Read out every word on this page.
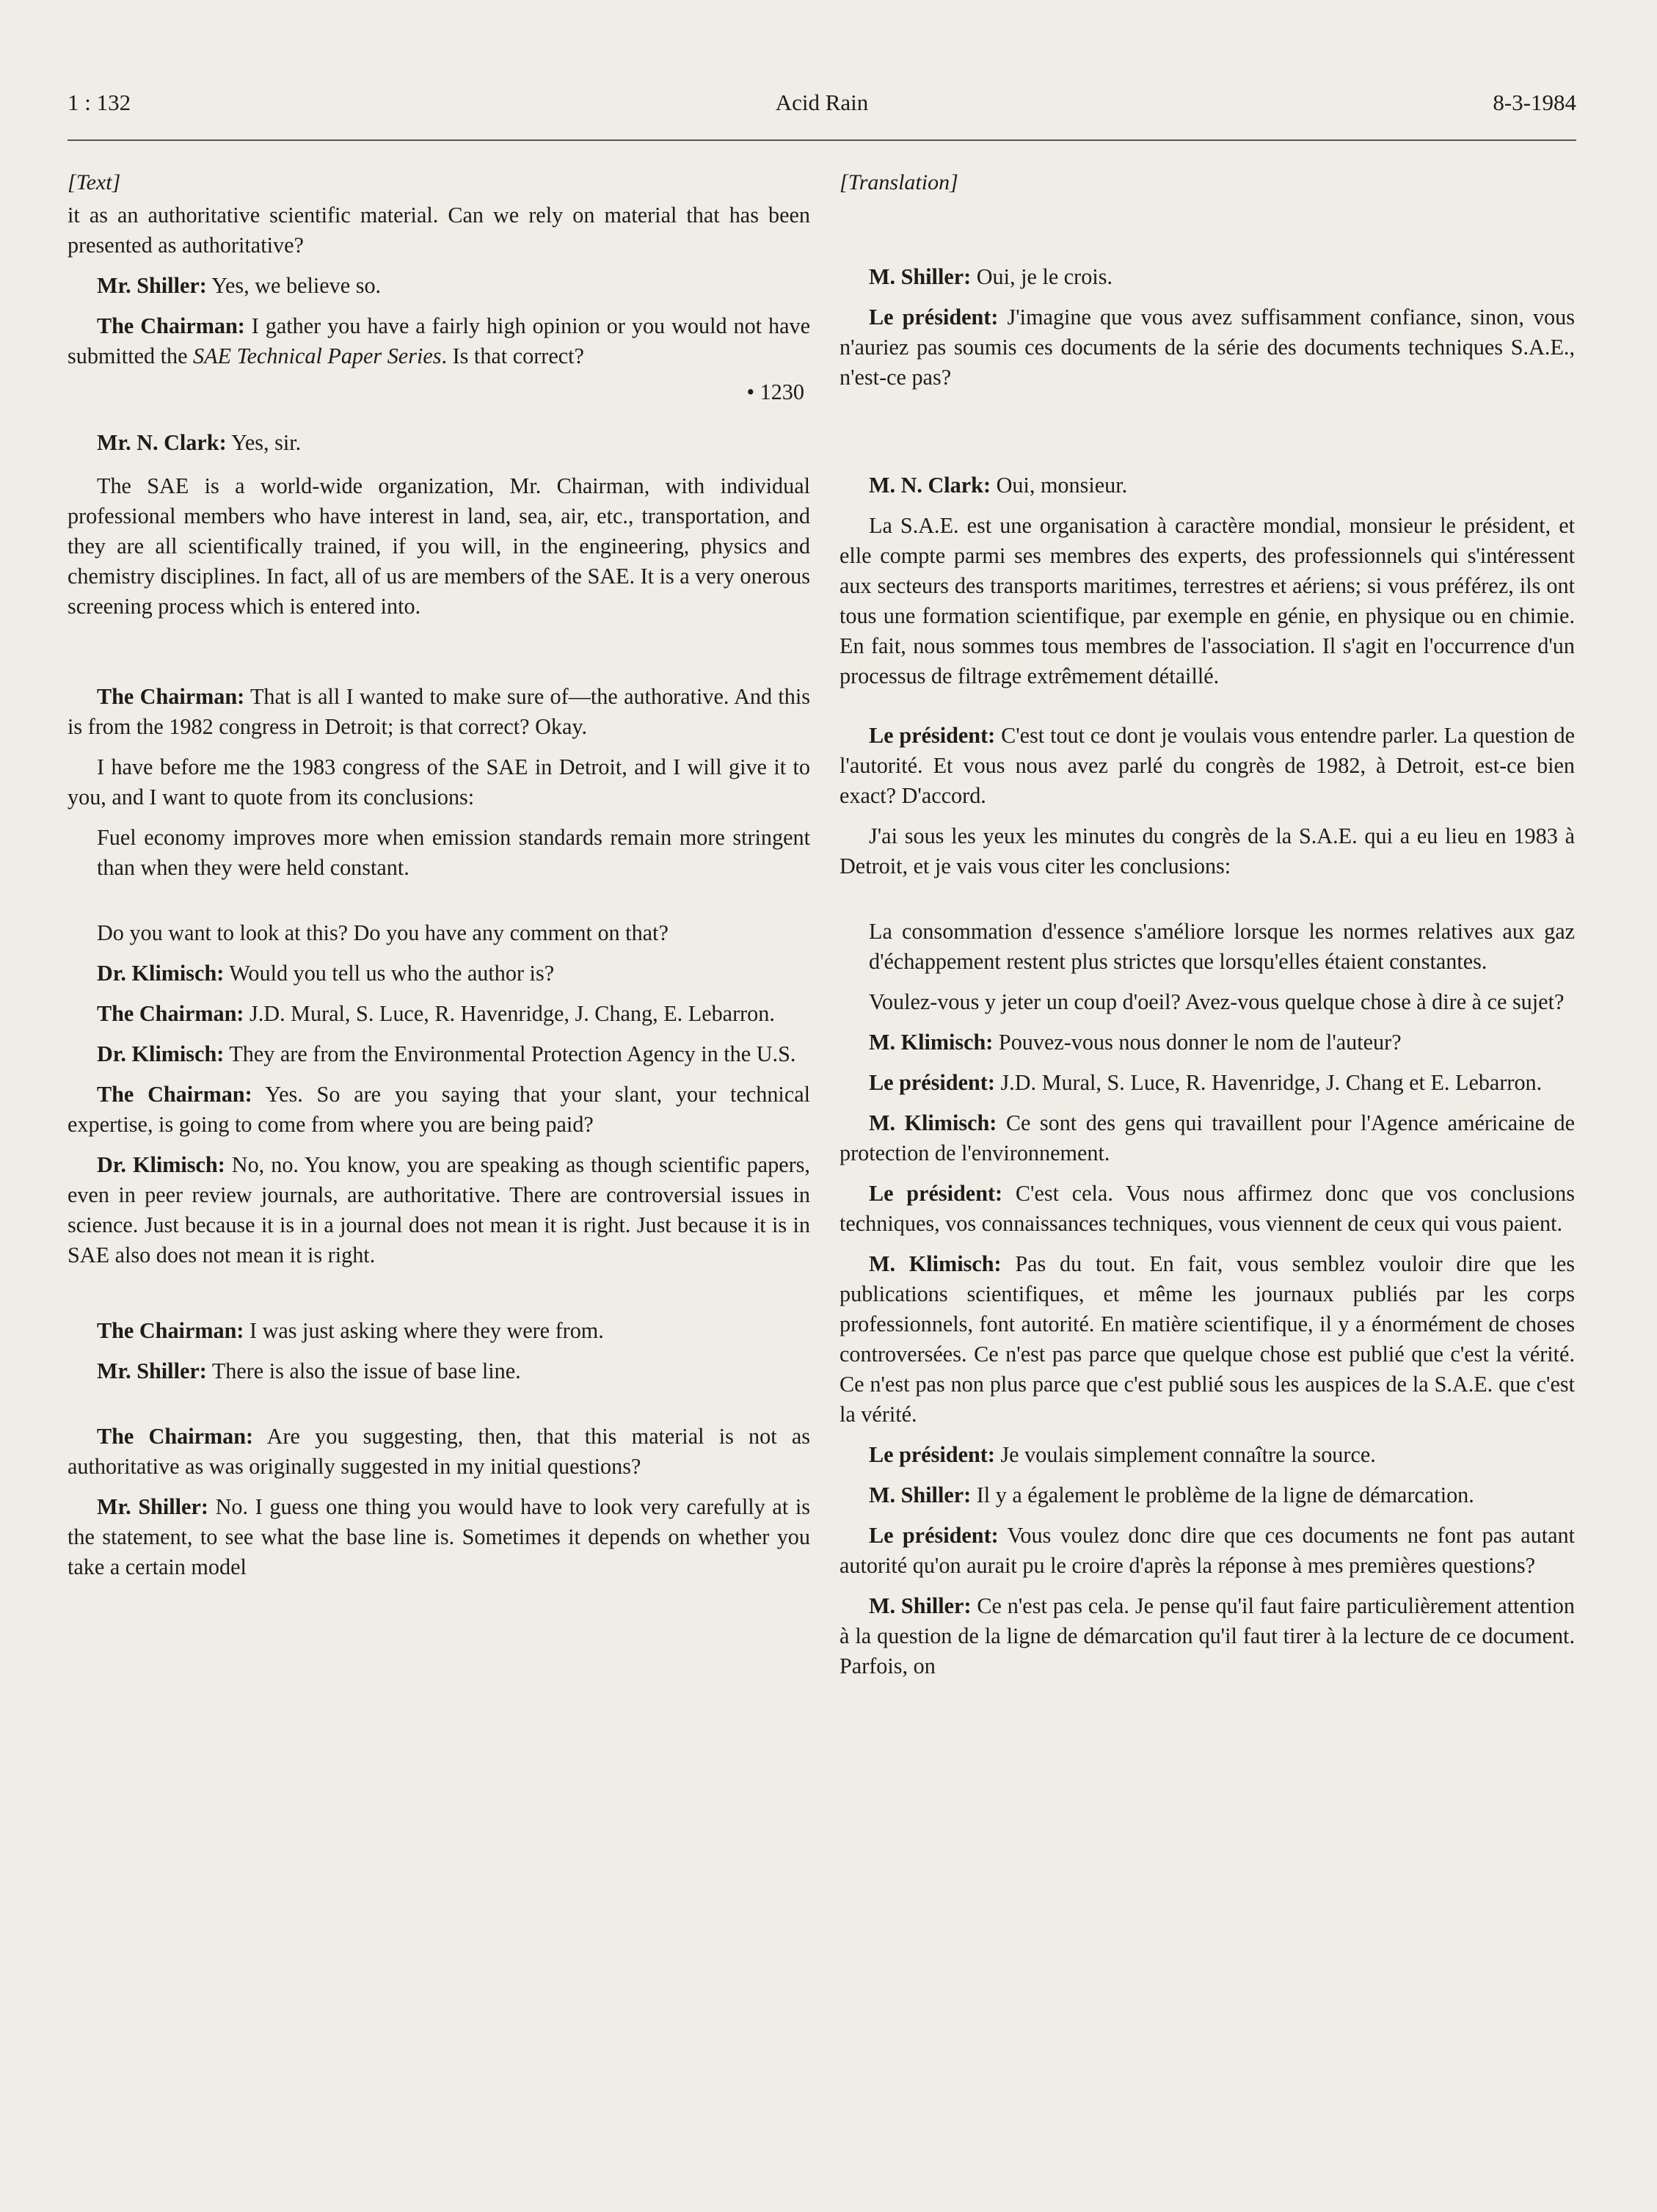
1 : 132	Acid Rain	8-3-1984
[Text]

it as an authoritative scientific material. Can we rely on material that has been presented as authoritative?

Mr. Shiller: Yes, we believe so.

The Chairman: I gather you have a fairly high opinion or you would not have submitted the SAE Technical Paper Series. Is that correct?

• 1230

Mr. N. Clark: Yes, sir.

The SAE is a world-wide organization, Mr. Chairman, with individual professional members who have interest in land, sea, air, etc., transportation, and they are all scientifically trained, if you will, in the engineering, physics and chemistry disciplines. In fact, all of us are members of the SAE. It is a very onerous screening process which is entered into.

The Chairman: That is all I wanted to make sure of—the authorative. And this is from the 1982 congress in Detroit; is that correct? Okay.

I have before me the 1983 congress of the SAE in Detroit, and I will give it to you, and I want to quote from its conclusions:

Fuel economy improves more when emission standards remain more stringent than when they were held constant.

Do you want to look at this? Do you have any comment on that?

Dr. Klimisch: Would you tell us who the author is?

The Chairman: J.D. Mural, S. Luce, R. Havenridge, J. Chang, E. Lebarron.

Dr. Klimisch: They are from the Environmental Protection Agency in the U.S.

The Chairman: Yes. So are you saying that your slant, your technical expertise, is going to come from where you are being paid?

Dr. Klimisch: No, no. You know, you are speaking as though scientific papers, even in peer review journals, are authoritative. There are controversial issues in science. Just because it is in a journal does not mean it is right. Just because it is in SAE also does not mean it is right.

The Chairman: I was just asking where they were from.

Mr. Shiller: There is also the issue of base line.

The Chairman: Are you suggesting, then, that this material is not as authoritative as was originally suggested in my initial questions?

Mr. Shiller: No. I guess one thing you would have to look very carefully at is the statement, to see what the base line is. Sometimes it depends on whether you take a certain model

[Translation]

M. Shiller: Oui, je le crois.

Le président: J'imagine que vous avez suffisamment confiance, sinon, vous n'auriez pas soumis ces documents de la série des documents techniques S.A.E., n'est-ce pas?

M. N. Clark: Oui, monsieur.

La S.A.E. est une organisation à caractère mondial, monsieur le président, et elle compte parmi ses membres des experts, des professionnels qui s'intéressent aux secteurs des transports maritimes, terrestres et aériens; si vous préférez, ils ont tous une formation scientifique, par exemple en génie, en physique ou en chimie. En fait, nous sommes tous membres de l'association. Il s'agit en l'occurrence d'un processus de filtrage extrêmement détaillé.

Le président: C'est tout ce dont je voulais vous entendre parler. La question de l'autorité. Et vous nous avez parlé du congrès de 1982, à Detroit, est-ce bien exact? D'accord.

J'ai sous les yeux les minutes du congrès de la S.A.E. qui a eu lieu en 1983 à Detroit, et je vais vous citer les conclusions:

La consommation d'essence s'améliore lorsque les normes relatives aux gaz d'échappement restent plus strictes que lorsqu'elles étaient constantes.

Voulez-vous y jeter un coup d'oeil? Avez-vous quelque chose à dire à ce sujet?

M. Klimisch: Pouvez-vous nous donner le nom de l'auteur?

Le président: J.D. Mural, S. Luce, R. Havenridge, J. Chang et E. Lebarron.

M. Klimisch: Ce sont des gens qui travaillent pour l'Agence américaine de protection de l'environnement.

Le président: C'est cela. Vous nous affirmez donc que vos conclusions techniques, vos connaissances techniques, vous viennent de ceux qui vous paient.

M. Klimisch: Pas du tout. En fait, vous semblez vouloir dire que les publications scientifiques, et même les journaux publiés par les corps professionnels, font autorité. En matière scientifique, il y a énormément de choses controversées. Ce n'est pas parce que quelque chose est publié que c'est la vérité. Ce n'est pas non plus parce que c'est publié sous les auspices de la S.A.E. que c'est la vérité.

Le président: Je voulais simplement connaître la source.

M. Shiller: Il y a également le problème de la ligne de démarcation.

Le président: Vous voulez donc dire que ces documents ne font pas autant autorité qu'on aurait pu le croire d'après la réponse à mes premières questions?

M. Shiller: Ce n'est pas cela. Je pense qu'il faut faire particulièrement attention à la question de la ligne de démarcation qu'il faut tirer à la lecture de ce document. Parfois, on
